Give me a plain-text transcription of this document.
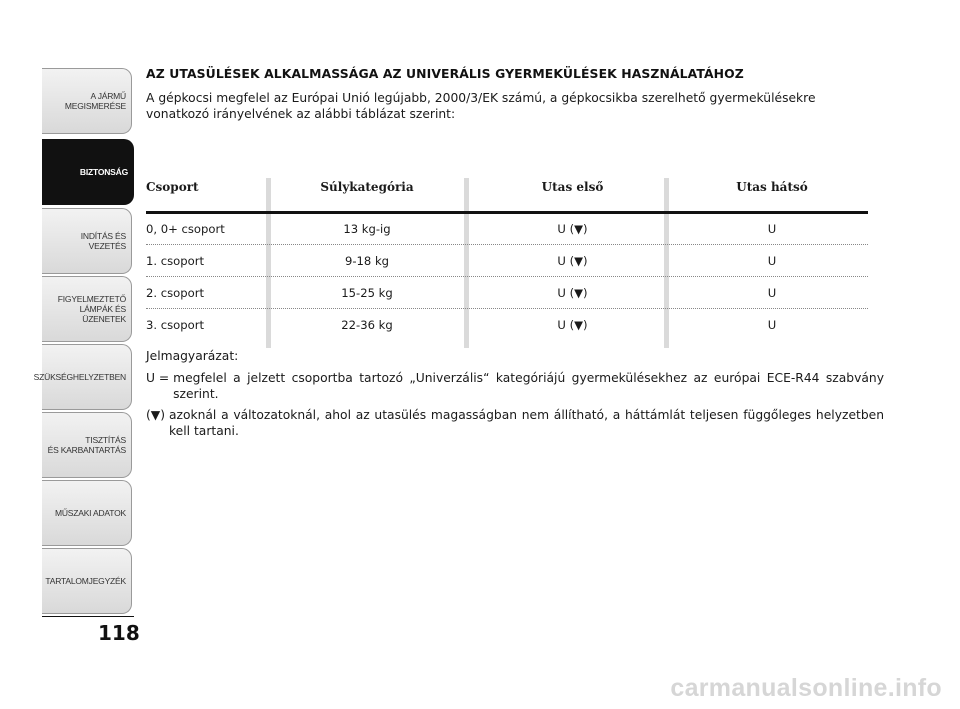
A JÁRMŰ
MEGISMERÉSE
BIZTONSÁG
INDÍTÁS ÉS VEZETÉS
FIGYELMEZTETŐ
LÁMPÁK ÉS
ÜZENETEK
SZÜKSÉGHELYZETBEN
TISZTÍTÁS
ÉS KARBANTARTÁS
MŰSZAKI ADATOK
TARTALOMJEGYZÉK
118
AZ UTASÜLÉSEK ALKALMASSÁGA AZ UNIVERÁLIS GYERMEKÜLÉSEK HASZNÁLATÁHOZ

A gépkocsi megfelel az Európai Unió legújabb, 2000/3/EK számú, a gépkocsikba szerelhető gyermekülésekre vonatkozó irányelvének az alábbi táblázat szerint:

Csoport	Súlykategória	Utas első	Utas hátsó
0, 0+ csoport	13 kg-ig	U (▼)	U
1. csoport	9-18 kg	U (▼)	U
2. csoport	15-25 kg	U (▼)	U
3. csoport	22-36 kg	U (▼)	U

Jelmagyarázat:

U = megfelel a jelzett csoportba tartozó „Univerzális“ kategóriájú gyermekülésekhez az európai ECE-R44 szabvány szerint.
(▼) azoknál a változatoknál, ahol az utasülés magasságban nem állítható, a háttámlát teljesen függőleges helyzetben kell tartani.
carmanualsonline.info
